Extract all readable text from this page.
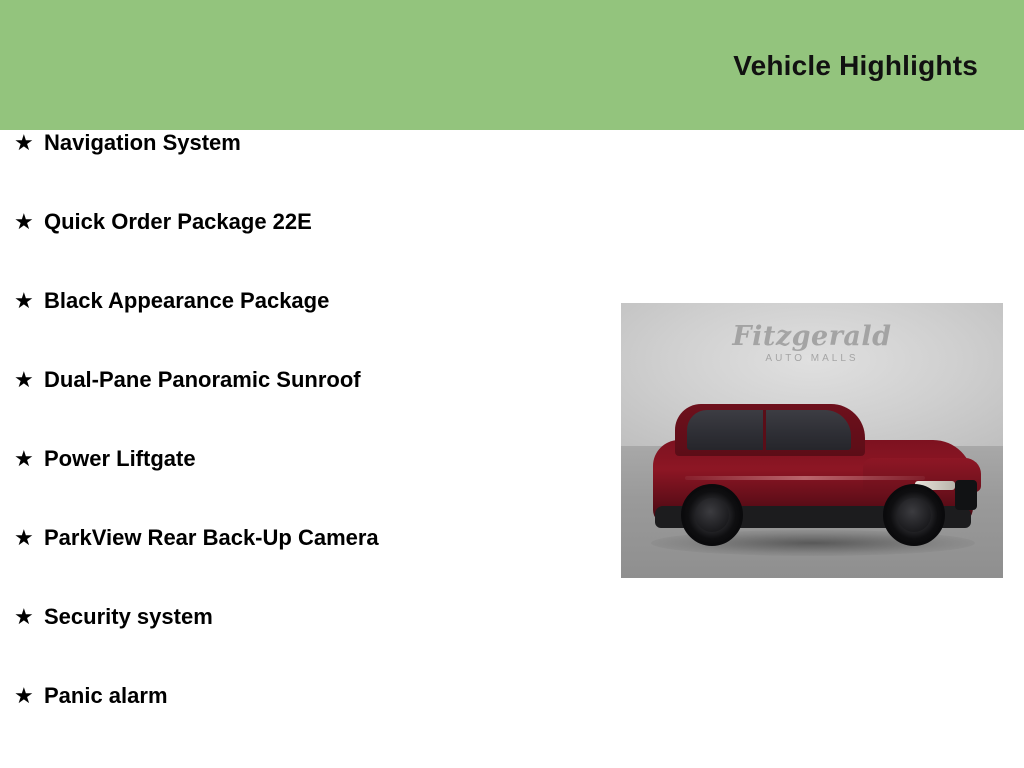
Vehicle Highlights
★ Navigation System
★ Quick Order Package 22E
★ Black Appearance Package
★ Dual-Pane Panoramic Sunroof
★ Power Liftgate
★ ParkView Rear Back-Up Camera
★ Security system
★ Panic alarm
Fitzgerald
AUTO MALLS
